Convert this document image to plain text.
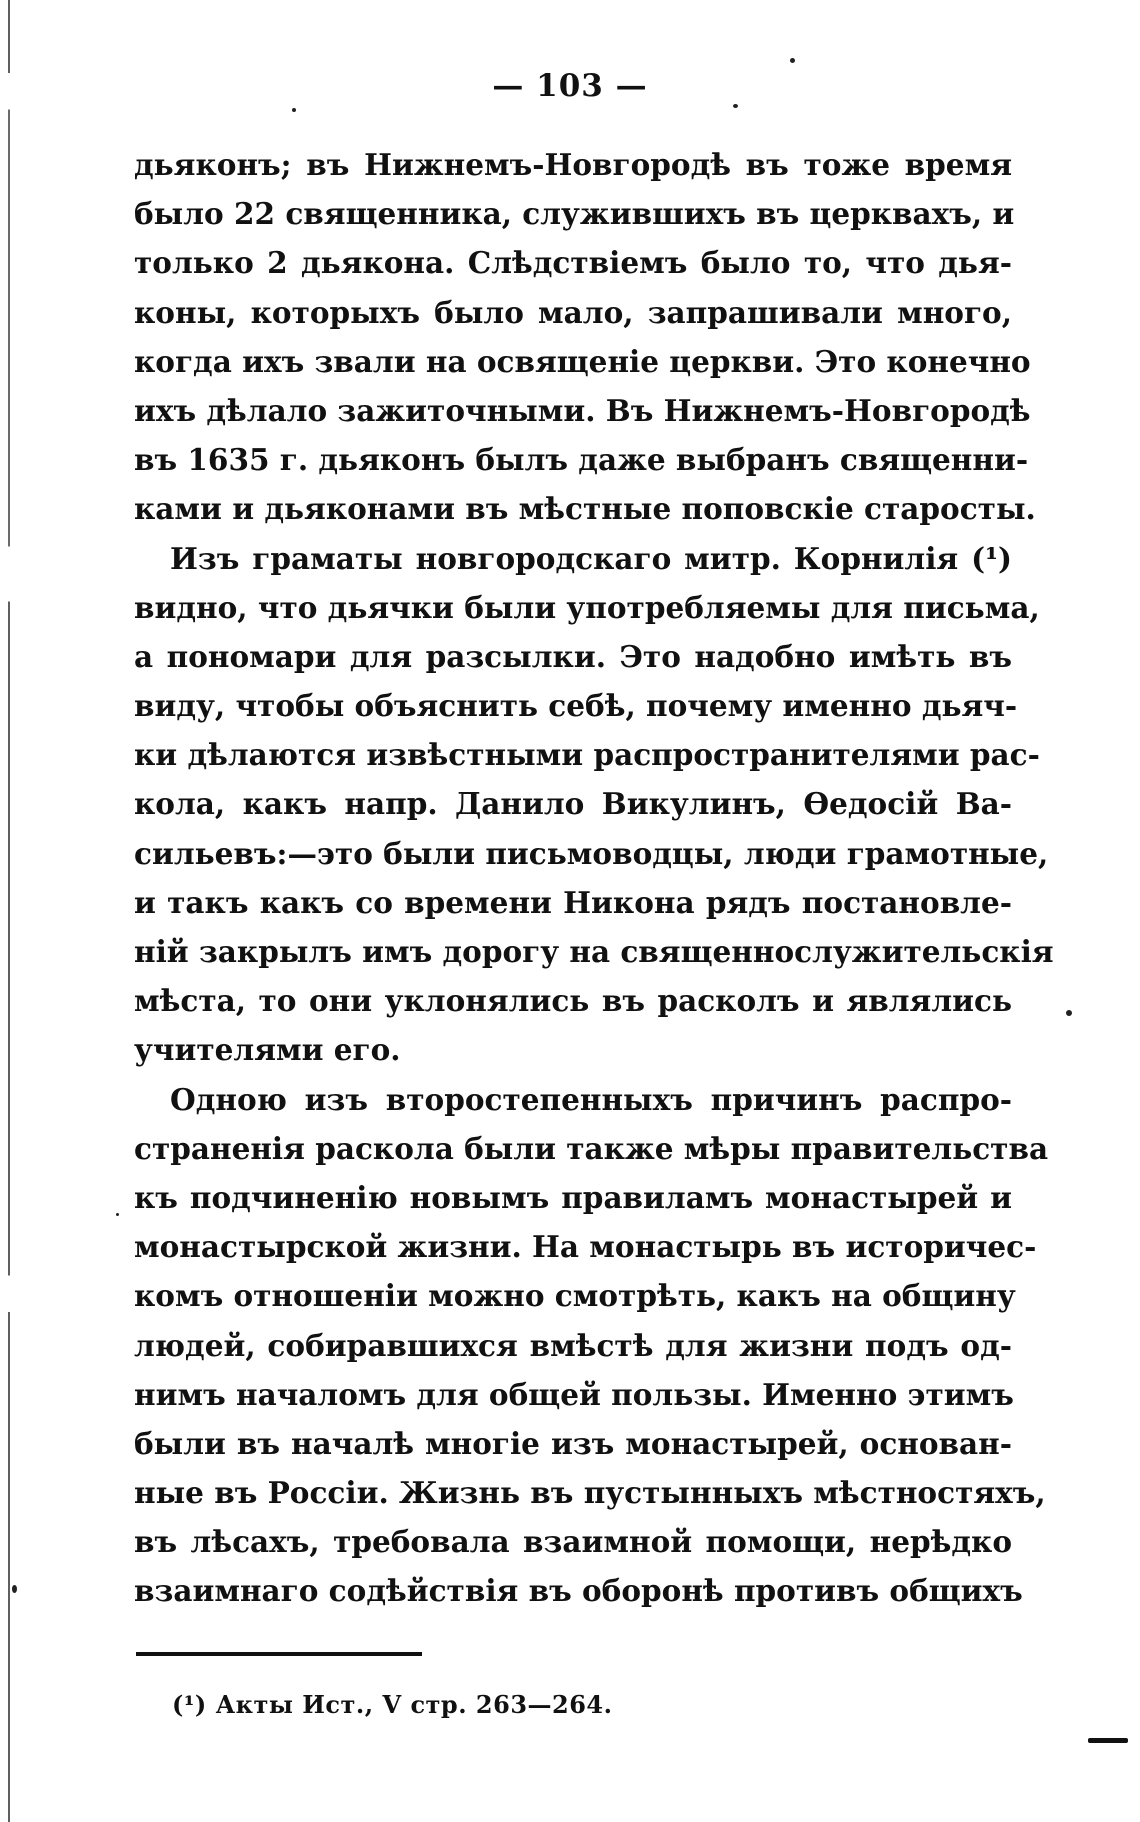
— 103 —
дьяконъ; въ Нижнемъ-Новгородѣ въ тоже время
было 22 священника, служившихъ въ церквахъ, и
только 2 дьякона. Слѣдствіемъ было то, что дья-
коны, которыхъ было мало, запрашивали много,
когда ихъ звали на освященіе церкви. Это конечно
ихъ дѣлало зажиточными. Въ Нижнемъ-Новгородѣ
въ 1635 г. дьяконъ былъ даже выбранъ священни-
ками и дьяконами въ мѣстные поповскіе старосты.
Изъ граматы новгородскаго митр. Корнилія (¹)
видно, что дьячки были употребляемы для письма,
а пономари для разсылки. Это надобно имѣть въ
виду, чтобы объяснить себѣ, почему именно дьяч-
ки дѣлаются извѣстными распространителями рас-
кола, какъ напр. Данило Викулинъ, Ѳедосій Ва-
сильевъ:—это были письмоводцы, люди грамотные,
и такъ какъ со времени Никона рядъ постановле-
ній закрылъ имъ дорогу на священнослужительскія
мѣста, то они уклонялись въ расколъ и являлись
учителями его.
Одною изъ второстепенныхъ причинъ распро-
страненія раскола были также мѣры правительства
къ подчиненію новымъ правиламъ монастырей и
монастырской жизни. На монастырь въ историчес-
комъ отношеніи можно смотрѣть, какъ на общину
людей, собиравшихся вмѣстѣ для жизни подъ од-
нимъ началомъ для общей пользы. Именно этимъ
были въ началѣ многіе изъ монастырей, основан-
ные въ Россіи. Жизнь въ пустынныхъ мѣстностяхъ,
въ лѣсахъ, требовала взаимной помощи, нерѣдко
взаимнаго содѣйствія въ оборонѣ противъ общихъ
(¹) Акты Ист., V стр. 263—264.
